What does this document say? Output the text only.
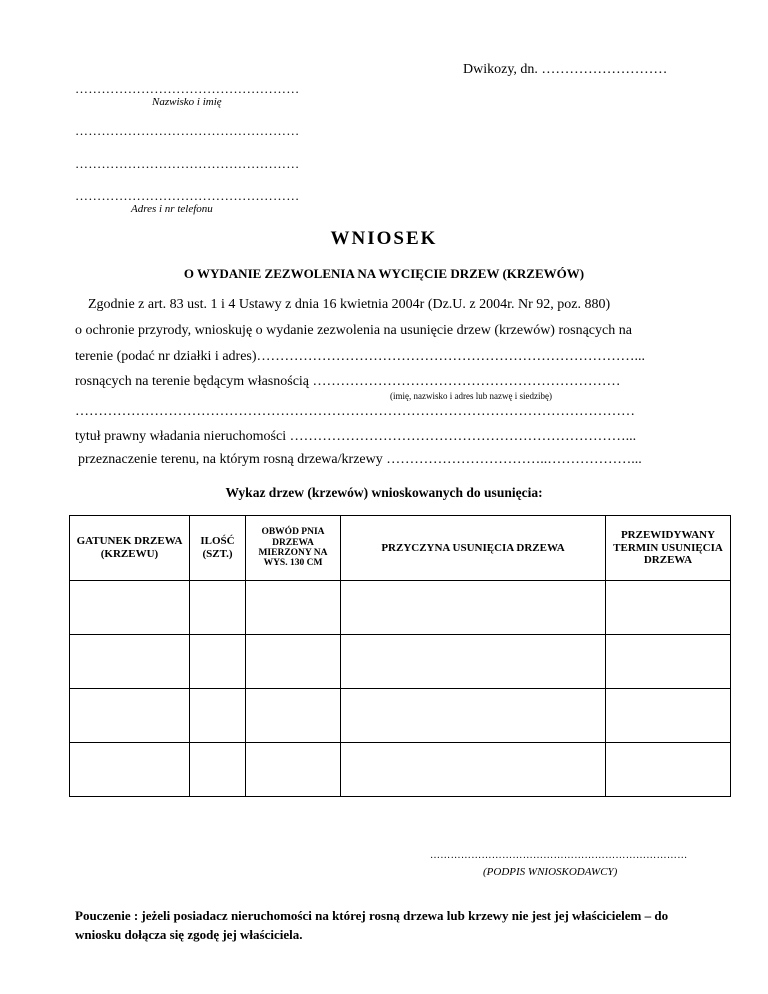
Dwikozy, dn. ………………………
……………………………………………
Nazwisko i imię
……………………………………………
……………………………………………
……………………………………………
Adres i nr telefonu
WNIOSEK
O WYDANIE ZEZWOLENIA NA WYCIĘCIE DRZEW (KRZEWÓW)
Zgodnie z art. 83 ust. 1 i 4 Ustawy z dnia 16 kwietnia 2004r (Dz.U. z 2004r. Nr 92, poz. 880)
o ochronie przyrody, wnioskuję o wydanie zezwolenia na usunięcie drzew (krzewów) rosnących na
terenie (podać nr działki i adres)………………………………………………………………………...
rosnących na terenie będącym własnością …………………………………………………………
(imię, nazwisko i adres lub nazwę i siedzibę)
…………………………………………………………………………………………………………
tytuł prawny władania nieruchomości ………………………………………………………………...
przeznaczenie terenu, na którym rosną drzewa/krzewy ……………………………..………………...
Wykaz drzew (krzewów) wnioskowanych do usunięcia:
GATUNEK DRZEWA (KRZEWU)	ILOŚĆ (SZT.)	OBWÓD PNIA DRZEWA MIERZONY NA WYS. 130 CM	PRZYCZYNA USUNIĘCIA DRZEWA	PRZEWIDYWANY TERMIN USUNIĘCIA DRZEWA

…………………………………………………………………
(PODPIS WNIOSKODAWCY)
Pouczenie : jeżeli posiadacz nieruchomości na której rosną drzewa lub krzewy nie jest jej właścicielem – do wniosku dołącza się zgodę jej właściciela.
